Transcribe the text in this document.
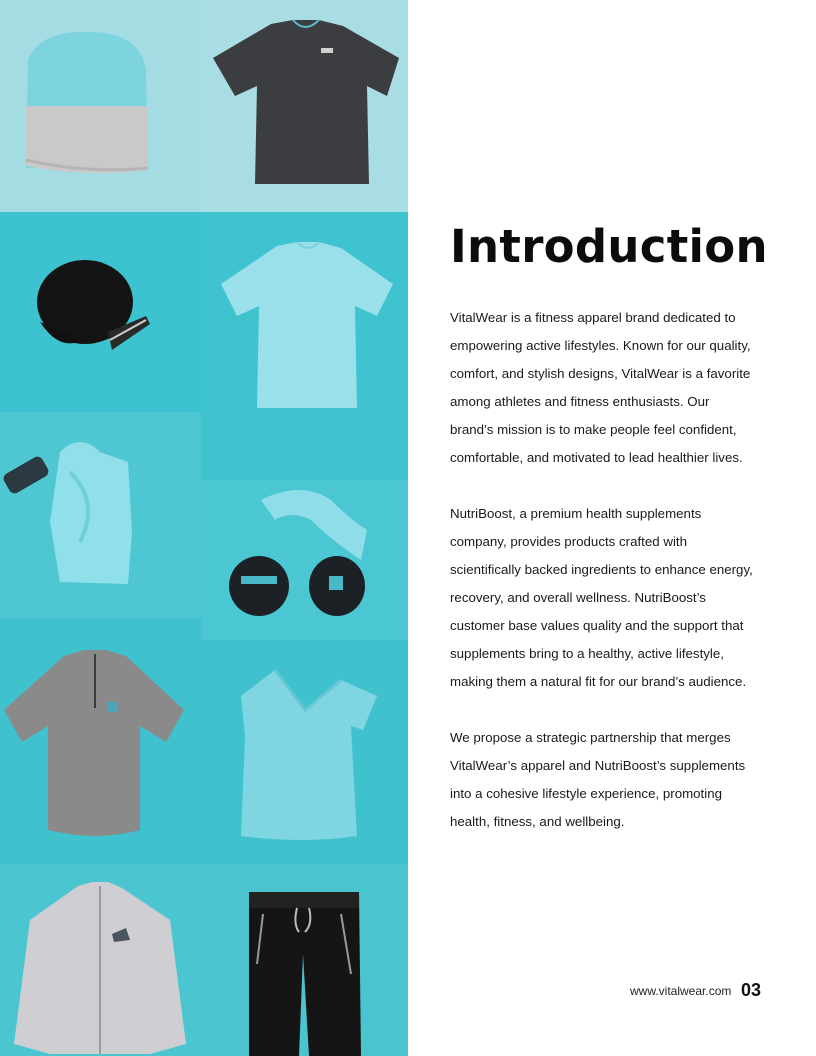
Introduction

VitalWear is a fitness apparel brand dedicated to empowering active lifestyles. Known for our quality, comfort, and stylish designs, VitalWear is a favorite among athletes and fitness enthusiasts. Our brand’s mission is to make people feel confident, comfortable, and motivated to lead healthier lives.

NutriBoost, a premium health supplements company, provides products crafted with scientifically backed ingredients to enhance energy, recovery, and overall wellness. NutriBoost’s customer base values quality and the support that supplements bring to a healthy, active lifestyle, making them a natural fit for our brand’s audience.

We propose a strategic partnership that merges VitalWear’s apparel and NutriBoost’s supplements into a cohesive lifestyle experience, promoting health, fitness, and wellbeing.

www.vitalwear.com 03
